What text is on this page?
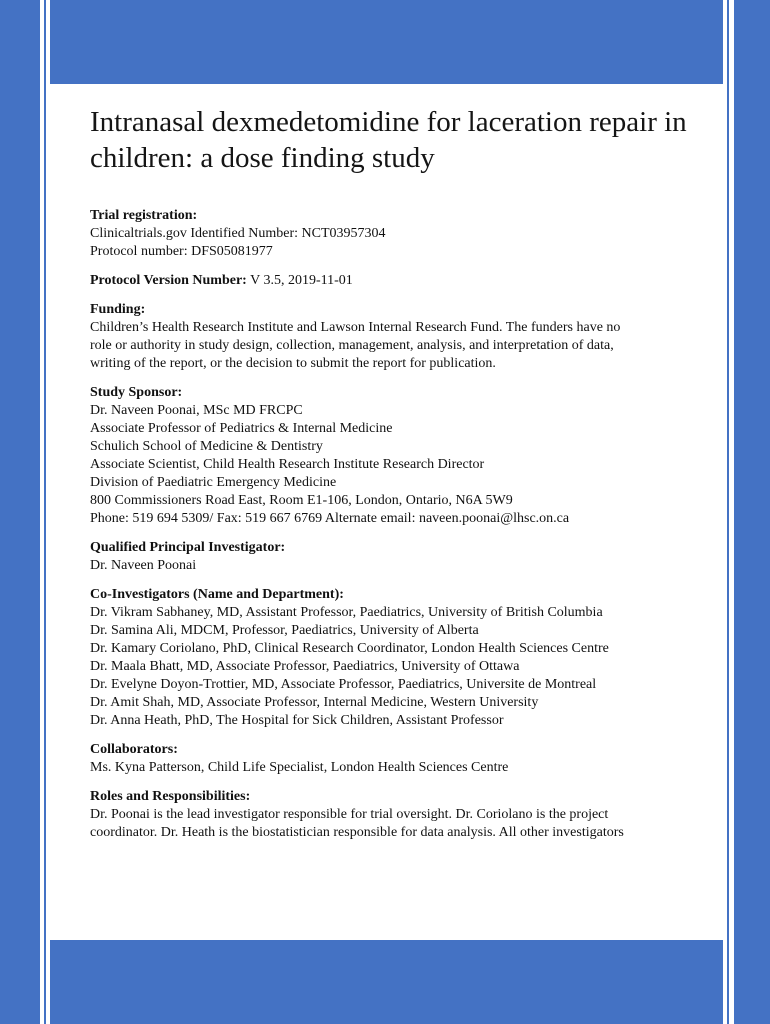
Intranasal dexmedetomidine for laceration repair in children: a dose finding study
Trial registration:
Clinicaltrials.gov Identified Number: NCT03957304
Protocol number: DFS05081977
Protocol Version Number: V 3.5, 2019-11-01
Funding:
Children’s Health Research Institute and Lawson Internal Research Fund. The funders have no
role or authority in study design, collection, management, analysis, and interpretation of data,
writing of the report, or the decision to submit the report for publication.
Study Sponsor:
Dr. Naveen Poonai, MSc MD FRCPC
Associate Professor of Pediatrics & Internal Medicine
Schulich School of Medicine & Dentistry
Associate Scientist, Child Health Research Institute Research Director
Division of Paediatric Emergency Medicine
800 Commissioners Road East, Room E1-106, London, Ontario, N6A 5W9
Phone: 519 694 5309/ Fax: 519 667 6769 Alternate email: naveen.poonai@lhsc.on.ca
Qualified Principal Investigator:
Dr. Naveen Poonai
Co-Investigators (Name and Department):
Dr. Vikram Sabhaney, MD, Assistant Professor, Paediatrics, University of British Columbia
Dr. Samina Ali, MDCM, Professor, Paediatrics, University of Alberta
Dr. Kamary Coriolano, PhD, Clinical Research Coordinator, London Health Sciences Centre
Dr. Maala Bhatt, MD, Associate Professor, Paediatrics, University of Ottawa
Dr. Evelyne Doyon-Trottier, MD, Associate Professor, Paediatrics, Universite de Montreal
Dr. Amit Shah, MD, Associate Professor, Internal Medicine, Western University
Dr. Anna Heath, PhD, The Hospital for Sick Children, Assistant Professor
Collaborators:
Ms. Kyna Patterson, Child Life Specialist, London Health Sciences Centre
Roles and Responsibilities:
Dr. Poonai is the lead investigator responsible for trial oversight. Dr. Coriolano is the project
coordinator. Dr. Heath is the biostatistician responsible for data analysis. All other investigators
